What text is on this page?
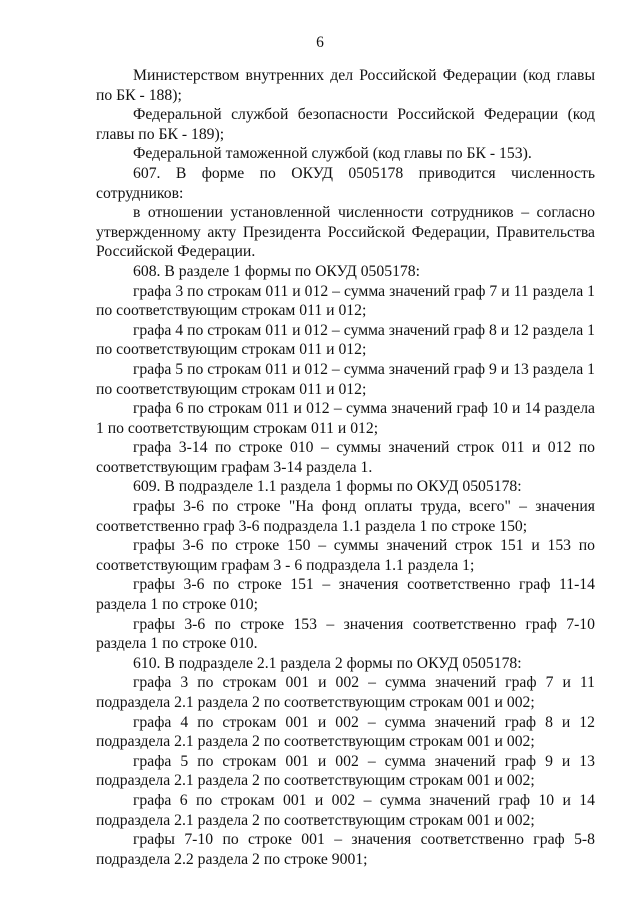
6

Министерством внутренних дел Российской Федерации (код главы по БК - 188);

Федеральной службой безопасности Российской Федерации (код главы по БК - 189);

Федеральной таможенной службой (код главы по БК - 153).

607. В форме по ОКУД 0505178 приводится численность сотрудников:

в отношении установленной численности сотрудников – согласно утвержденному акту Президента Российской Федерации, Правительства Российской Федерации.

608. В разделе 1 формы по ОКУД 0505178:

графа 3 по строкам 011 и 012 – сумма значений граф 7 и 11 раздела 1 по соответствующим строкам 011 и 012;

графа 4 по строкам 011 и 012 – сумма значений граф 8 и 12 раздела 1 по соответствующим строкам 011 и 012;

графа 5 по строкам 011 и 012 – сумма значений граф 9 и 13 раздела 1 по соответствующим строкам 011 и 012;

графа 6 по строкам 011 и 012 – сумма значений граф 10 и 14 раздела 1 по соответствующим строкам 011 и 012;

графа 3-14 по строке 010 – суммы значений строк 011 и 012 по соответствующим графам 3-14 раздела 1.

609. В подразделе 1.1 раздела 1 формы по ОКУД 0505178:

графы 3-6 по строке "На фонд оплаты труда, всего" – значения соответственно граф 3-6 подраздела 1.1 раздела 1 по строке 150;

графы 3-6 по строке 150 – суммы значений строк 151 и 153 по соответствующим графам 3 - 6 подраздела 1.1 раздела 1;

графы 3-6 по строке 151 – значения соответственно граф 11-14 раздела 1 по строке 010;

графы 3-6 по строке 153 – значения соответственно граф 7-10 раздела 1 по строке 010.

610. В подразделе 2.1 раздела 2 формы по ОКУД 0505178:

графа 3 по строкам 001 и 002 – сумма значений граф 7 и 11 подраздела 2.1 раздела 2 по соответствующим строкам 001 и 002;

графа 4 по строкам 001 и 002 – сумма значений граф 8 и 12 подраздела 2.1 раздела 2 по соответствующим строкам 001 и 002;

графа 5 по строкам 001 и 002 – сумма значений граф 9 и 13 подраздела 2.1 раздела 2 по соответствующим строкам 001 и 002;

графа 6 по строкам 001 и 002 – сумма значений граф 10 и 14 подраздела 2.1 раздела 2 по соответствующим строкам 001 и 002;

графы 7-10 по строке 001 – значения соответственно граф 5-8 подраздела 2.2 раздела 2 по строке 9001;
